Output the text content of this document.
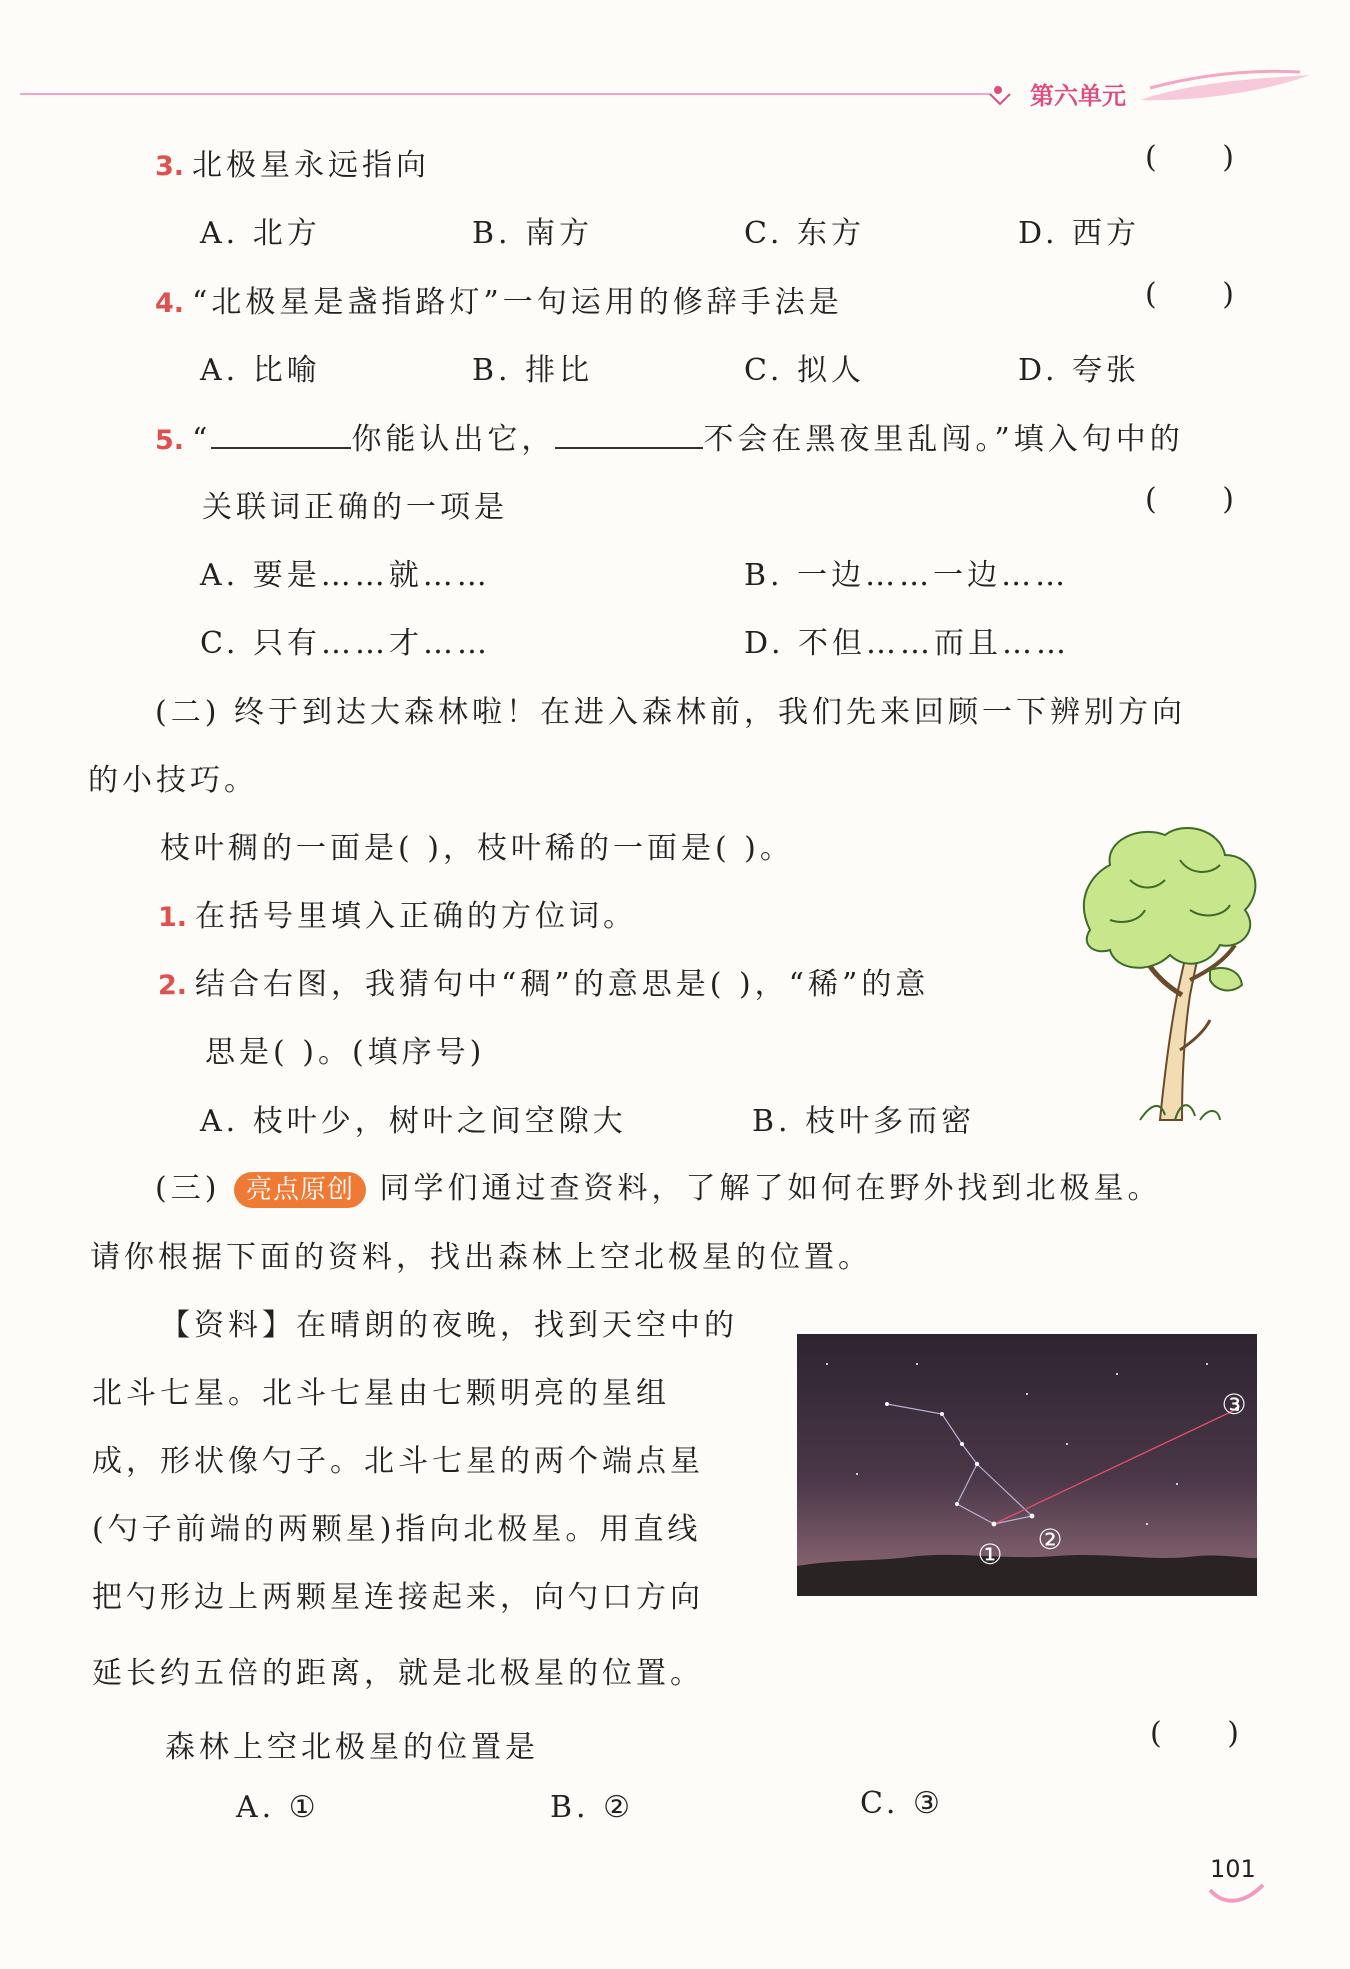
第六单元
3. 北极星永远指向	( )
A. 北方	B. 南方	C. 东方	D. 西方
4. “北极星是盏指路灯”一句运用的修辞手法是	( )
A. 比喻	B. 排比	C. 拟人	D. 夸张
5. “	你能认出它，	不会在黑夜里乱闯。”填入句中的
关联词正确的一项是	( )
A. 要是……就……	B. 一边……一边……
C. 只有……才……	D. 不但……而且……
(二) 终于到达大森林啦！在进入森林前，我们先来回顾一下辨别方向
的小技巧。
枝叶稠的一面是( )，枝叶稀的一面是( )。
1. 在括号里填入正确的方位词。
2. 结合右图，我猜句中“稠”的意思是( )，“稀”的意
思是( )。(填序号)
A. 枝叶少，树叶之间空隙大	B. 枝叶多而密
(三) 亮点原创 同学们通过查资料，了解了如何在野外找到北极星。
请你根据下面的资料，找出森林上空北极星的位置。
【资料】在晴朗的夜晚，找到天空中的
北斗七星。北斗七星由七颗明亮的星组
成，形状像勺子。北斗七星的两个端点星
(勺子前端的两颗星)指向北极星。用直线
把勺形边上两颗星连接起来，向勺口方向
延长约五倍的距离，就是北极星的位置。
① ②
③
森林上空北极星的位置是	( )
A. ①	B. ②	C. ③
101
